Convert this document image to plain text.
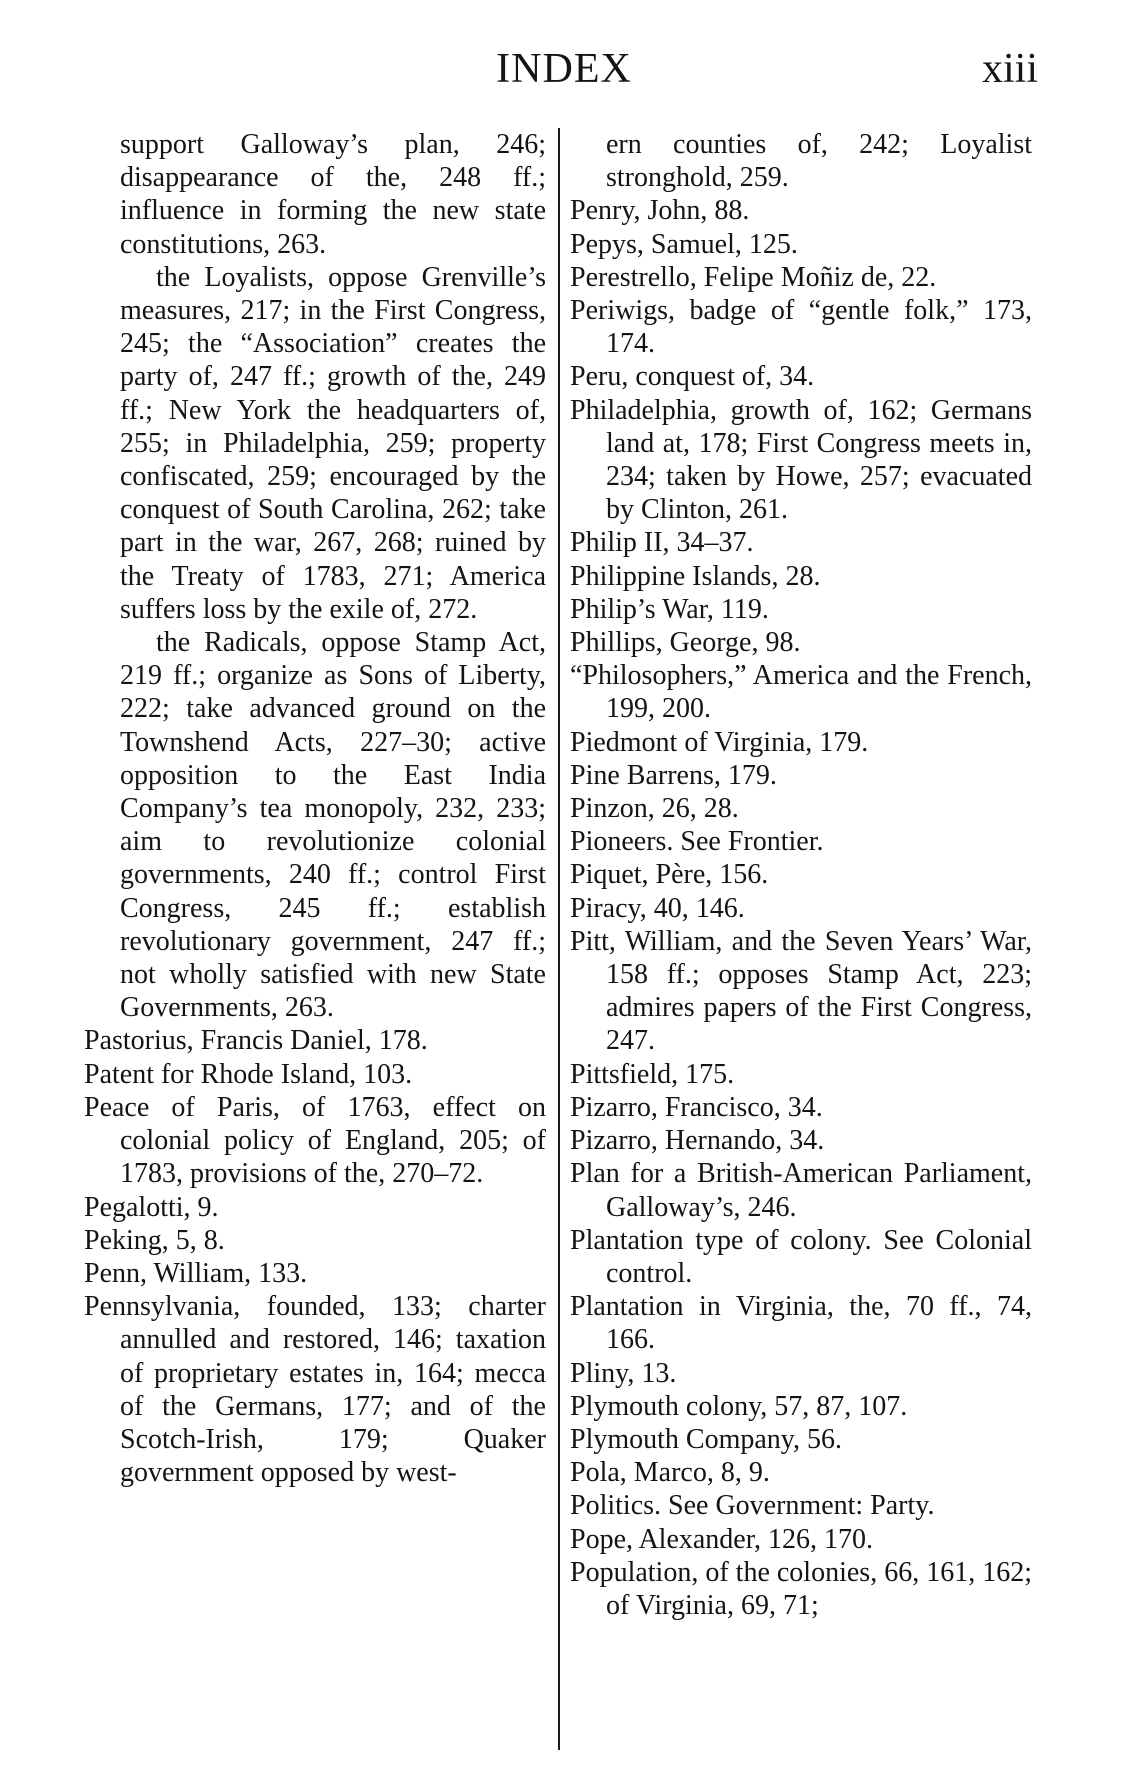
INDEX	xiii

support Galloway’s plan, 246; disappearance of the, 248 ff.; influence in forming the new state constitutions, 263.

the Loyalists, oppose Grenville’s measures, 217; in the First Congress, 245; the “Association” creates the party of, 247 ff.; growth of the, 249 ff.; New York the headquarters of, 255; in Philadelphia, 259; property confiscated, 259; encouraged by the conquest of South Carolina, 262; take part in the war, 267, 268; ruined by the Treaty of 1783, 271; America suffers loss by the exile of, 272.

the Radicals, oppose Stamp Act, 219 ff.; organize as Sons of Liberty, 222; take advanced ground on the Townshend Acts, 227–30; active opposition to the East India Company’s tea monopoly, 232, 233; aim to revolutionize colonial governments, 240 ff.; control First Congress, 245 ff.; establish revolutionary government, 247 ff.; not wholly satisfied with new State Governments, 263.

Pastorius, Francis Daniel, 178.

Patent for Rhode Island, 103.

Peace of Paris, of 1763, effect on colonial policy of England, 205; of 1783, provisions of the, 270–72.

Pegalotti, 9.

Peking, 5, 8.

Penn, William, 133.

Pennsylvania, founded, 133; charter annulled and restored, 146; taxation of proprietary estates in, 164; mecca of the Germans, 177; and of the Scotch-Irish, 179; Quaker government opposed by west-

ern counties of, 242; Loyalist stronghold, 259.

Penry, John, 88.

Pepys, Samuel, 125.

Perestrello, Felipe Moñiz de, 22.

Periwigs, badge of “gentle folk,” 173, 174.

Peru, conquest of, 34.

Philadelphia, growth of, 162; Germans land at, 178; First Congress meets in, 234; taken by Howe, 257; evacuated by Clinton, 261.

Philip II, 34–37.

Philippine Islands, 28.

Philip’s War, 119.

Phillips, George, 98.

“Philosophers,” America and the French, 199, 200.

Piedmont of Virginia, 179.

Pine Barrens, 179.

Pinzon, 26, 28.

Pioneers. See Frontier.

Piquet, Père, 156.

Piracy, 40, 146.

Pitt, William, and the Seven Years’ War, 158 ff.; opposes Stamp Act, 223; admires papers of the First Congress, 247.

Pittsfield, 175.

Pizarro, Francisco, 34.

Pizarro, Hernando, 34.

Plan for a British-American Parliament, Galloway’s, 246.

Plantation type of colony. See Colonial control.

Plantation in Virginia, the, 70 ff., 74, 166.

Pliny, 13.

Plymouth colony, 57, 87, 107.

Plymouth Company, 56.

Pola, Marco, 8, 9.

Politics. See Government: Party.

Pope, Alexander, 126, 170.

Population, of the colonies, 66, 161, 162; of Virginia, 69, 71;
